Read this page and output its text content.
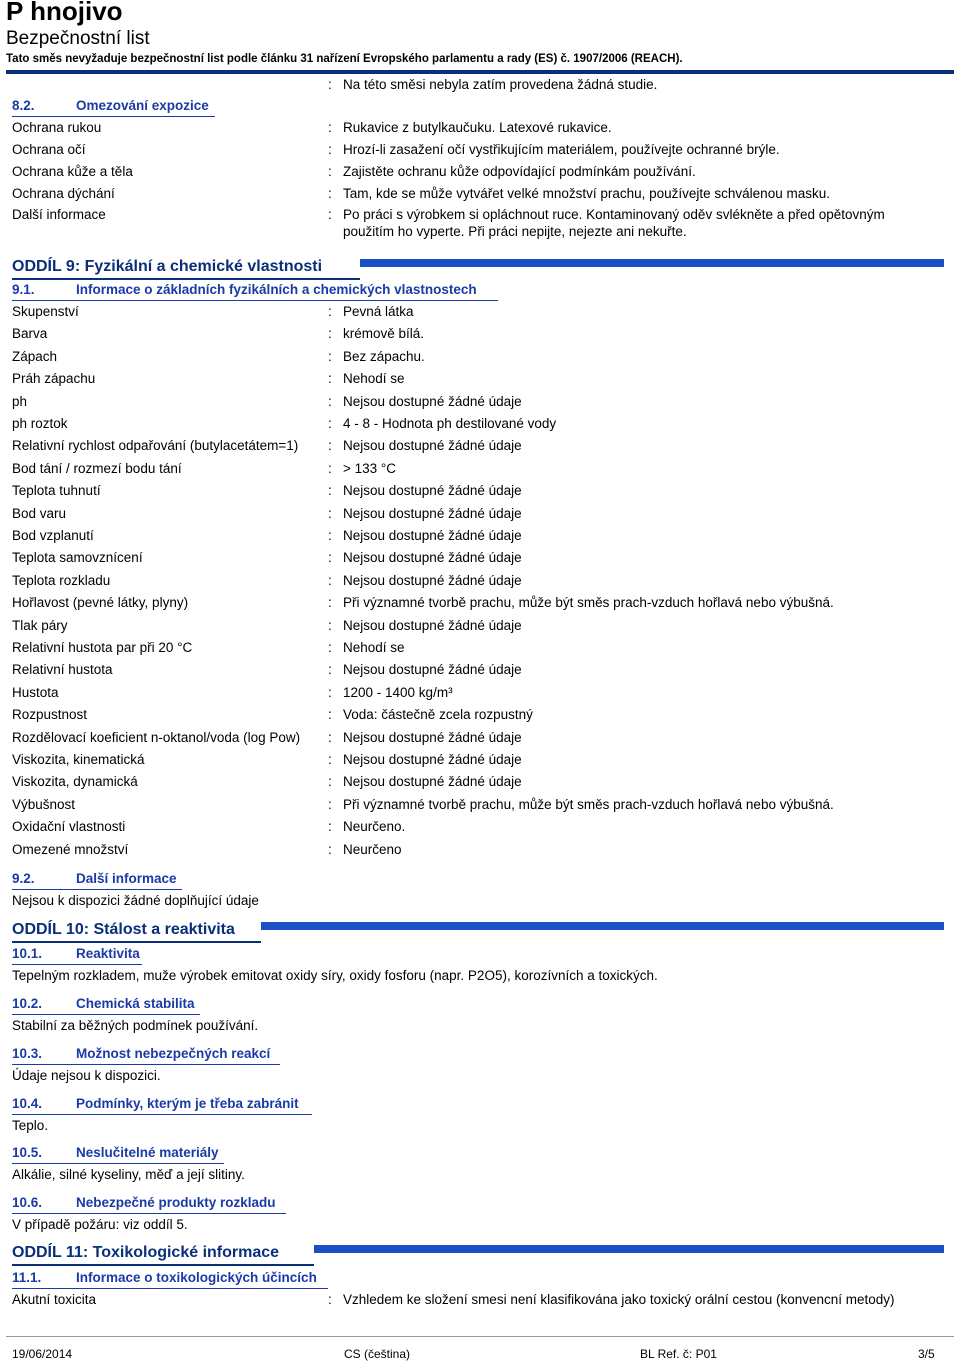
P hnojivo
Bezpečnostní list
Tato směs nevyžaduje bezpečnostní list podle článku 31 nařízení Evropského parlamentu a rady (ES) č. 1907/2006 (REACH).
: Na této směsi nebyla zatím provedena žádná studie.
8.2.	Omezování expozice
Ochrana rukou	: Rukavice z butylkaučuku. Latexové rukavice.
Ochrana očí	: Hrozí-li zasažení očí vystřikujícím materiálem, používejte ochranné brýle.
Ochrana kůže a těla	: Zajistěte ochranu kůže odpovídající podmínkám používání.
Ochrana dýchání	: Tam, kde se může vytvářet velké množství prachu, používejte schválenou masku.
Další informace	: Po práci s výrobkem si opláchnout ruce. Kontaminovaný oděv svlékněte a před opětovným
použitím ho vyperte. Při práci nepijte, nejezte ani nekuřte.
ODDÍL 9: Fyzikální a chemické vlastnosti
9.1.	Informace o základních fyzikálních a chemických vlastnostech
Skupenství	: Pevná látka
Barva	: krémově bílá.
Zápach	: Bez zápachu.
Práh zápachu	: Nehodí se
ph	: Nejsou dostupné žádné údaje
ph roztok	: 4 - 8 - Hodnota ph destilované vody
Relativní rychlost odpařování (butylacetátem=1) : Nejsou dostupné žádné údaje
Bod tání / rozmezí bodu tání	: > 133 °C
Teplota tuhnutí	: Nejsou dostupné žádné údaje
Bod varu	: Nejsou dostupné žádné údaje
Bod vzplanutí	: Nejsou dostupné žádné údaje
Teplota samovznícení	: Nejsou dostupné žádné údaje
Teplota rozkladu	: Nejsou dostupné žádné údaje
Hořlavost (pevné látky, plyny)	: Při významné tvorbě prachu, může být směs prach-vzduch hořlavá nebo výbušná.
Tlak páry	: Nejsou dostupné žádné údaje
Relativní hustota par při 20 °C	: Nehodí se
Relativní hustota	: Nejsou dostupné žádné údaje
Hustota	: 1200 - 1400 kg/m³
Rozpustnost	: Voda: částečně zcela rozpustný
Rozdělovací koeficient n-oktanol/voda (log Pow) : Nejsou dostupné žádné údaje
Viskozita, kinematická	: Nejsou dostupné žádné údaje
Viskozita, dynamická	: Nejsou dostupné žádné údaje
Výbušnost	: Při významné tvorbě prachu, může být směs prach-vzduch hořlavá nebo výbušná.
Oxidační vlastnosti	: Neurčeno.
Omezené množství	: Neurčeno
9.2.	Další informace
Nejsou k dispozici žádné doplňující údaje
ODDÍL 10: Stálost a reaktivita
10.1.	Reaktivita
Tepelným rozkladem, muže výrobek emitovat oxidy síry, oxidy fosforu (napr. P2O5), korozívních a toxických.
10.2.	Chemická stabilita
Stabilní za běžných podmínek používání.
10.3.	Možnost nebezpečných reakcí
Údaje nejsou k dispozici.
10.4.	Podmínky, kterým je třeba zabránit
Teplo.
10.5.	Neslučitelné materiály
Alkálie, silné kyseliny, měď a její slitiny.
10.6.	Nebezpečné produkty rozkladu
V případě požáru: viz oddíl 5.
ODDÍL 11: Toxikologické informace
11.1.	Informace o toxikologických účincích
Akutní toxicita	: Vzhledem ke složení smesi není klasifikována jako toxický orální cestou (konvencní metody)
19/06/2014	CS (čeština)	BL Ref. č: P01	3/5
